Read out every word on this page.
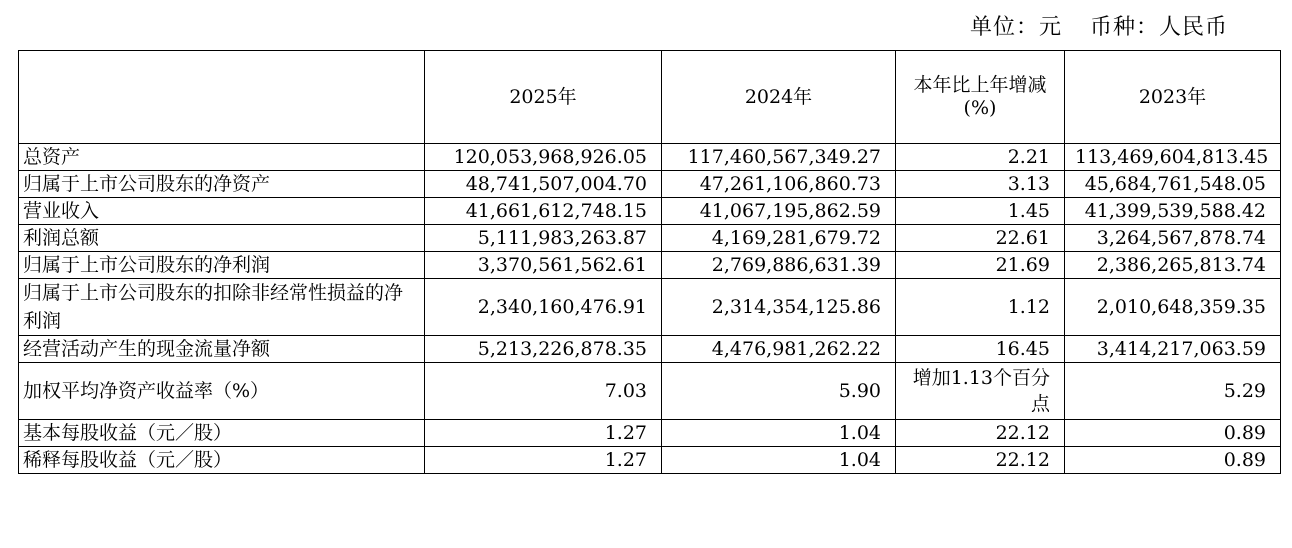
单位：元 币种：人民币
	2025年	2024年	本年比上年增减(%)	2023年
总资产	120,053,968,926.05	117,460,567,349.27	2.21	113,469,604,813.45
归属于上市公司股东的净资产	48,741,507,004.70	47,261,106,860.73	3.13	45,684,761,548.05
营业收入	41,661,612,748.15	41,067,195,862.59	1.45	41,399,539,588.42
利润总额	5,111,983,263.87	4,169,281,679.72	22.61	3,264,567,878.74
归属于上市公司股东的净利润	3,370,561,562.61	2,769,886,631.39	21.69	2,386,265,813.74
归属于上市公司股东的扣除非经常性损益的净利润	2,340,160,476.91	2,314,354,125.86	1.12	2,010,648,359.35
经营活动产生的现金流量净额	5,213,226,878.35	4,476,981,262.22	16.45	3,414,217,063.59
加权平均净资产收益率（%）	7.03	5.90	增加1.13个百分点	5.29
基本每股收益（元／股）	1.27	1.04	22.12	0.89
稀释每股收益（元／股）	1.27	1.04	22.12	0.89
